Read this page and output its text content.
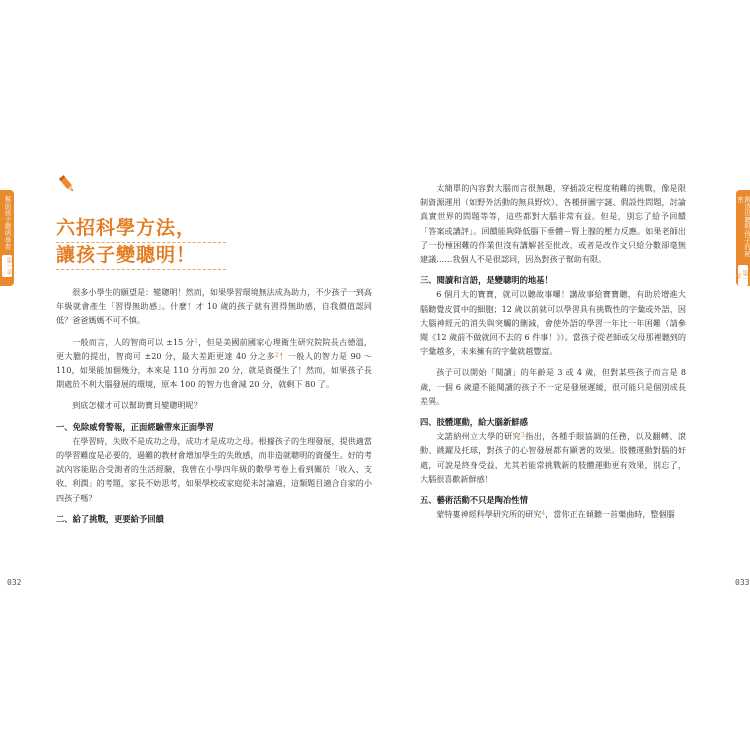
幫助孩子聰明學習
第一章
創造出聰明孩子的秘密
第一章
032	033
六招科學方法，
讓孩子變聰明！

很多小學生的願望是：變聰明！然而，如果學習環境無法成為助力，不少孩子一到高年級就會產生「習得無助感」。什麼！才 10 歲的孩子就有習得無助感，自我價值認同低？爸爸媽媽不可不慎。

一般而言，人的智商可以 ±15 分$^1$，但是美國前國家心理衛生研究院院長古德溫，更大膽的提出，智商可 ±20 分，最大差距更達 40 分之多$^2$！一般人的智力是 90 ～ 110，如果能加個幾分，本來是 110 分再加 20 分，就是資優生了！然而，如果孩子長期處於不利大腦發展的環境，原本 100 的智力也會減 20 分，就剩下 80 了。

到底怎樣才可以幫助寶貝變聰明呢？

一、免除威脅警報，正面經驗帶來正面學習

在學習時，失敗不是成功之母，成功才是成功之母。根據孩子的生理發展，提供適當的學習難度是必要的，過難的教材會增加學生的失敗感，而非造就聰明的資優生。好的考試內容能貼合受測者的生活經驗，我曾在小學四年級的數學考卷上看到關於「收入、支收、利潤」的考題，家長不妨思考，如果學校或家庭從未討論過，這類題目適合自家的小四孩子嗎？

二、給了挑戰，更要給予回饋

太簡單的內容對大腦而言很無趣，穿插設定程度稍難的挑戰，像是限制資源運用（如野外活動的無具野炊）、各種拼圖字謎、假設性問題，討論真實世界的問題等等，這些都對大腦非常有益。但是，別忘了給予回饋「答案或講評」。回饋能夠降低腦下垂體－腎上腺的壓力反應。如果老師出了一份極困難的作業但沒有講解甚至批改，或者是改作文只給分數卻毫無建議……我個人不是很認同，因為對孩子幫助有限。

三、閱讀和言語，是變聰明的地基！

6 個月大的寶寶，就可以聽故事囉！講故事給寶寶聽，有助於增進大腦聽覺皮質中的細胞；12 歲以前就可以學習具有挑戰性的字彙或外語，因大腦神經元的消失與突觸的刪減，會使外語的學習一年比一年困難（請參閱《12 歲前不做就回不去的 6 件事！》）。當孩子從老師或父母那裡聽到的字彙越多，未來擁有的字彙就越豐富。

孩子可以開始「閱讀」的年齡是 3 或 4 歲，但對某些孩子而言是 8 歲，一個 6 歲還不能閱讀的孩子不一定是發展遲緩，很可能只是個別成長差異。

四、肢體運動，給大腦新鮮感

文諾納州立大學的研究$^3$指出，各種手眼協調的任務，以及翻轉、滾動、跳躍及托球，對孩子的心智發展都有顯著的效果。肢體運動對腦的好處，可說是終身受益，尤其若能常挑戰新的肢體運動更有效果，別忘了，大腦很喜歡新鮮感！

五、藝術活動不只是陶冶性情

蒙特婁神經科學研究所的研究$^4$，當你正在傾聽一首樂曲時，整個腦
